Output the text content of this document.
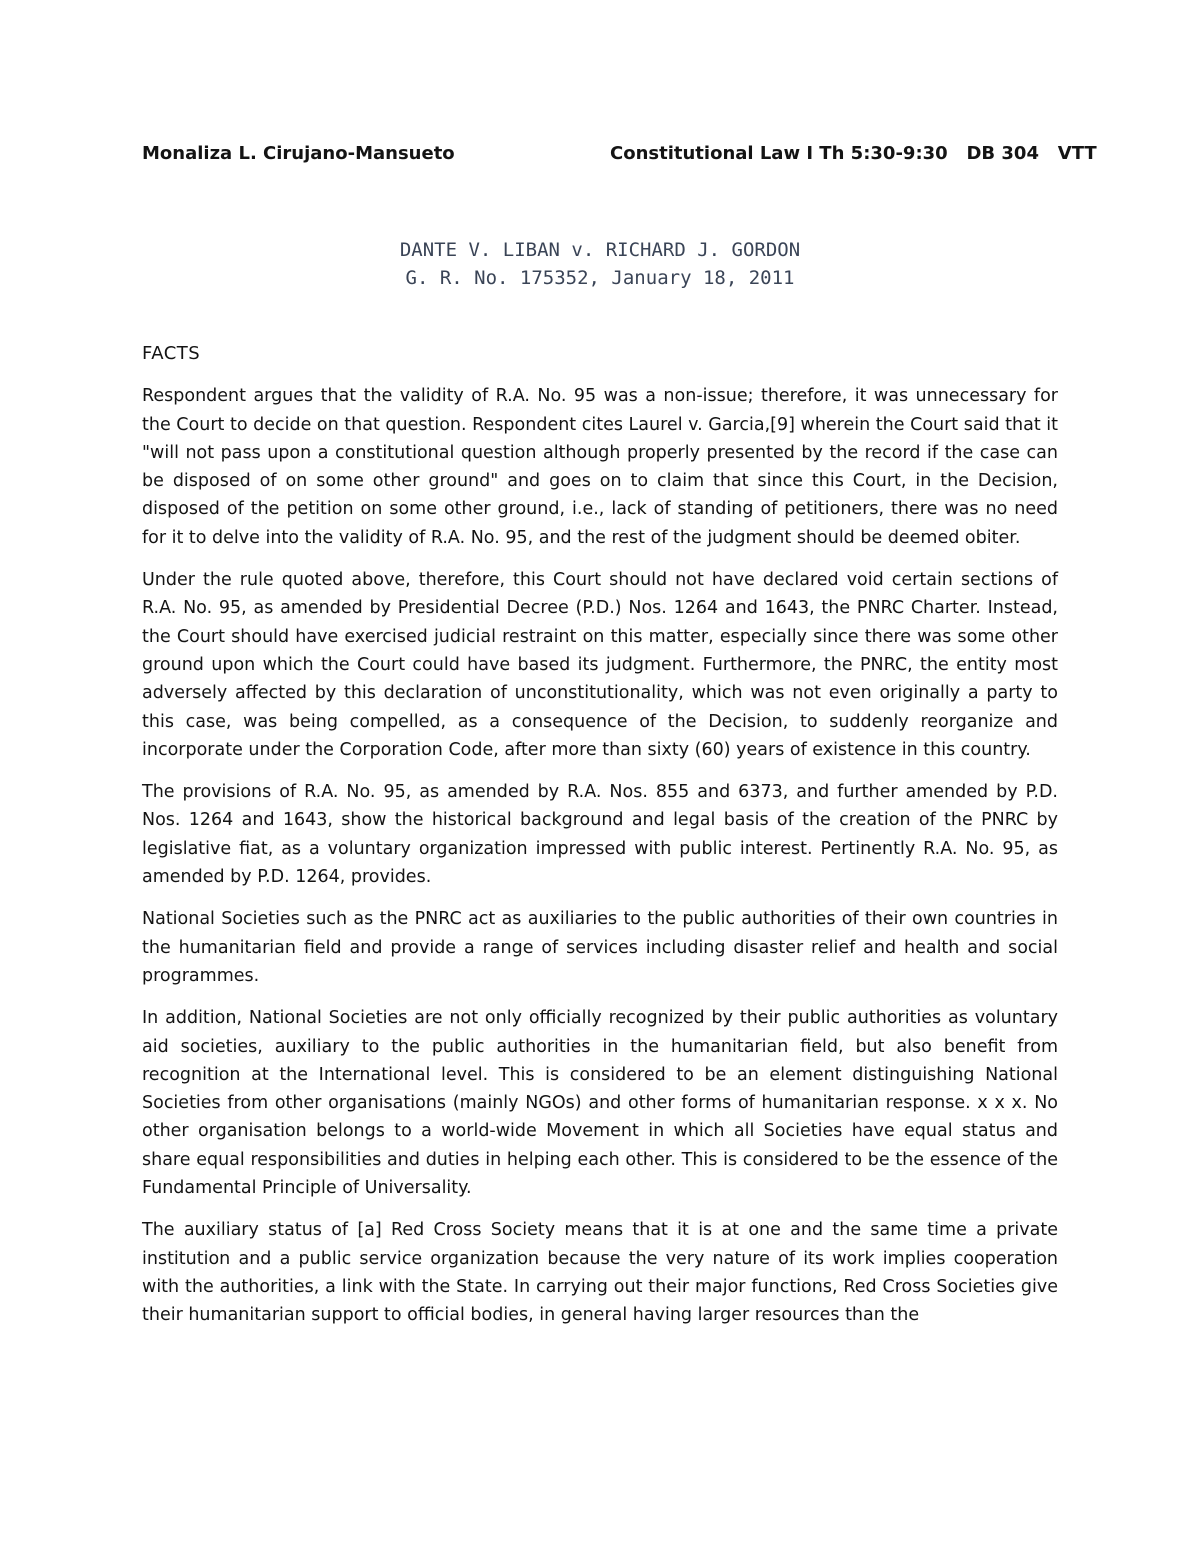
Monaliza L. Cirujano-Mansueto	Constitutional Law I Th 5:30-9:30   DB 304   VTT
DANTE V. LIBAN v. RICHARD J. GORDON
G. R. No. 175352, January 18, 2011
FACTS

Respondent argues that the validity of R.A. No. 95 was a non-issue; therefore, it was unnecessary for the Court to decide on that question. Respondent cites Laurel v. Garcia,[9] wherein the Court said that it "will not pass upon a constitutional question although properly presented by the record if the case can be disposed of on some other ground" and goes on to claim that since this Court, in the Decision, disposed of the petition on some other ground, i.e., lack of standing of petitioners, there was no need for it to delve into the validity of R.A. No. 95, and the rest of the judgment should be deemed obiter.

Under the rule quoted above, therefore, this Court should not have declared void certain sections of R.A. No. 95, as amended by Presidential Decree (P.D.) Nos. 1264 and 1643, the PNRC Charter. Instead, the Court should have exercised judicial restraint on this matter, especially since there was some other ground upon which the Court could have based its judgment. Furthermore, the PNRC, the entity most adversely affected by this declaration of unconstitutionality, which was not even originally a party to this case, was being compelled, as a consequence of the Decision, to suddenly reorganize and incorporate under the Corporation Code, after more than sixty (60) years of existence in this country.

The provisions of R.A. No. 95, as amended by R.A. Nos. 855 and 6373, and further amended by P.D. Nos. 1264 and 1643, show the historical background and legal basis of the creation of the PNRC by legislative fiat, as a voluntary organization impressed with public interest. Pertinently R.A. No. 95, as amended by P.D. 1264, provides.

National Societies such as the PNRC act as auxiliaries to the public authorities of their own countries in the humanitarian field and provide a range of services including disaster relief and health and social programmes.

In addition, National Societies are not only officially recognized by their public authorities as voluntary aid societies, auxiliary to the public authorities in the humanitarian field, but also benefit from recognition at the International level. This is considered to be an element distinguishing National Societies from other organisations (mainly NGOs) and other forms of humanitarian response. x x x. No other organisation belongs to a world-wide Movement in which all Societies have equal status and share equal responsibilities and duties in helping each other. This is considered to be the essence of the Fundamental Principle of Universality.

The auxiliary status of [a] Red Cross Society means that it is at one and the same time a private institution and a public service organization because the very nature of its work implies cooperation with the authorities, a link with the State. In carrying out their major functions, Red Cross Societies give their humanitarian support to official bodies, in general having larger resources than the
